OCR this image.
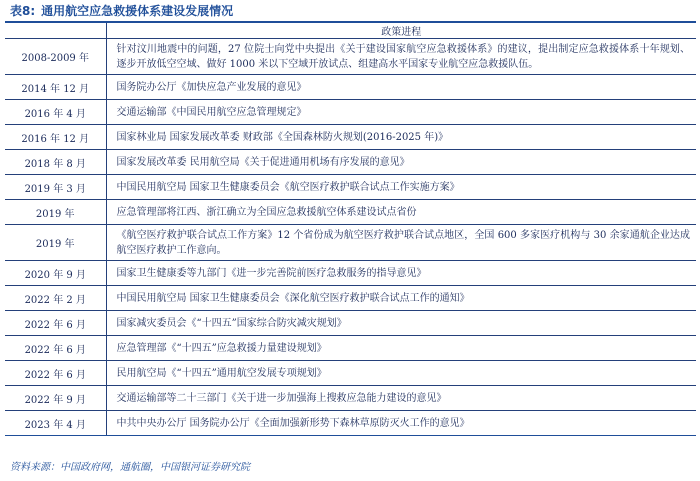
表8: 通用航空应急救援体系建设发展情况
	政策进程
2008-2009 年	针对汶川地震中的问题，27 位院士向党中央提出《关于建设国家航空应急救援体系》的建议，提出制定应急救援体系十年规划、逐步开放低空空域、做好 1000 米以下空域开放试点、组建高水平国家专业航空应急救援队伍。
2014 年 12 月	国务院办公厅《加快应急产业发展的意见》
2016 年 4 月	交通运输部《中国民用航空应急管理规定》
2016 年 12 月	国家林业局 国家发展改革委 财政部《全国森林防火规划(2016-2025 年)》
2018 年 8 月	国家发展改革委 民用航空局《关于促进通用机场有序发展的意见》
2019 年 3 月	中国民用航空局 国家卫生健康委员会《航空医疗救护联合试点工作实施方案》
2019 年	应急管理部将江西、浙江确立为全国应急救援航空体系建设试点省份
2019 年	《航空医疗救护联合试点工作方案》12 个省份成为航空医疗救护联合试点地区，全国 600 多家医疗机构与 30 余家通航企业达成航空医疗救护工作意向。
2020 年 9 月	国家卫生健康委等九部门《进一步完善院前医疗急救服务的指导意见》
2022 年 2 月	中国民用航空局 国家卫生健康委员会《深化航空医疗救护联合试点工作的通知》
2022 年 6 月	国家减灾委员会《“十四五”国家综合防灾减灾规划》
2022 年 6 月	应急管理部《“十四五”应急救援力量建设规划》
2022 年 6 月	民用航空局《“十四五”通用航空发展专项规划》
2022 年 9 月	交通运输部等二十三部门《关于进一步加强海上搜救应急能力建设的意见》
2023 年 4 月	中共中央办公厅 国务院办公厅《全面加强新形势下森林草原防灭火工作的意见》
资料来源：中国政府网，通航圈，中国银河证券研究院
